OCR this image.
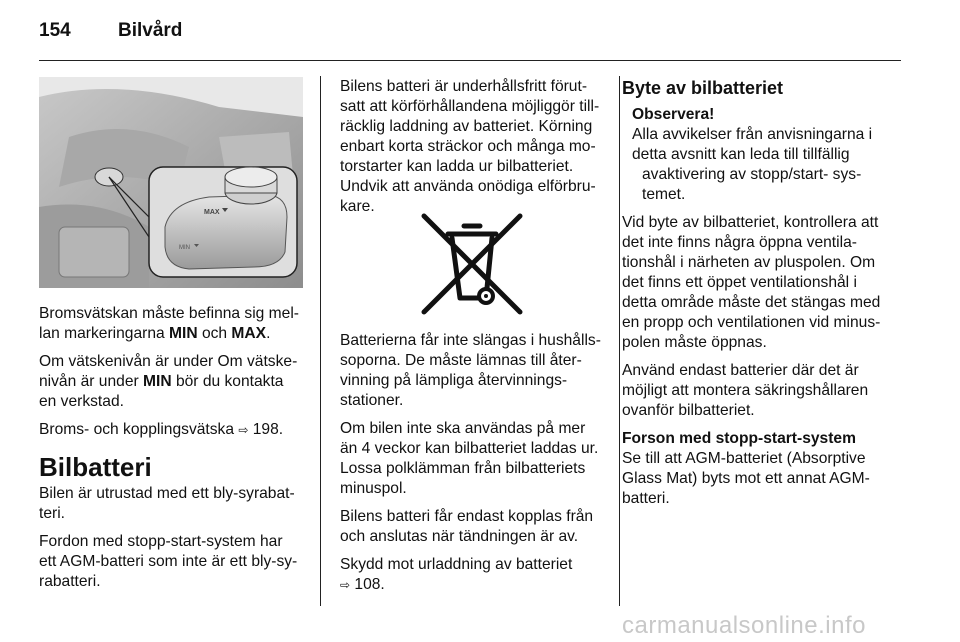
154 Bilvård
MAX
MIN

Bromsvätskan måste befinna sig mel-
lan markeringarna MIN och MAX.

Om vätskenivån är under Om vätske-
nivån är under MIN bör du kontakta
en verkstad.

Broms- och kopplingsvätska ⇨ 198.

Bilbatteri

Bilen är utrustad med ett bly-syrabat-
teri.

Fordon med stopp-start-system har
ett AGM-batteri som inte är ett bly-sy-
rabatteri.

Bilens batteri är underhållsfritt förut-
satt att körförhållandena möjliggör till-
räcklig laddning av batteriet. Körning
enbart korta sträckor och många mo-
torstarter kan ladda ur bilbatteriet.
Undvik att använda onödiga elförbru-
kare.

Batterierna får inte slängas i hushålls-
soporna. De måste lämnas till åter-
vinning på lämpliga återvinnings-
stationer.

Om bilen inte ska användas på mer
än 4 veckor kan bilbatteriet laddas ur.
Lossa polklämman från bilbatteriets
minuspol.

Bilens batteri får endast kopplas från
och anslutas när tändningen är av.

Skydd mot urladdning av batteriet
⇨ 108.

Byte av bilbatteriet

Observera!

Alla avvikelser från anvisningarna i
detta avsnitt kan leda till tillfällig
avaktivering av stopp/start- sys-
temet.

Vid byte av bilbatteriet, kontrollera att
det inte finns några öppna ventila-
tionshål i närheten av pluspolen. Om
det finns ett öppet ventilationshål i
detta område måste det stängas med
en propp och ventilationen vid minus-
polen måste öppnas.

Använd endast batterier där det är
möjligt att montera säkringshållaren
ovanför bilbatteriet.

Forson med stopp-start-system

Se till att AGM-batteriet (Absorptive
Glass Mat) byts mot ett annat AGM-
batteri.

carmanualsonline.info
